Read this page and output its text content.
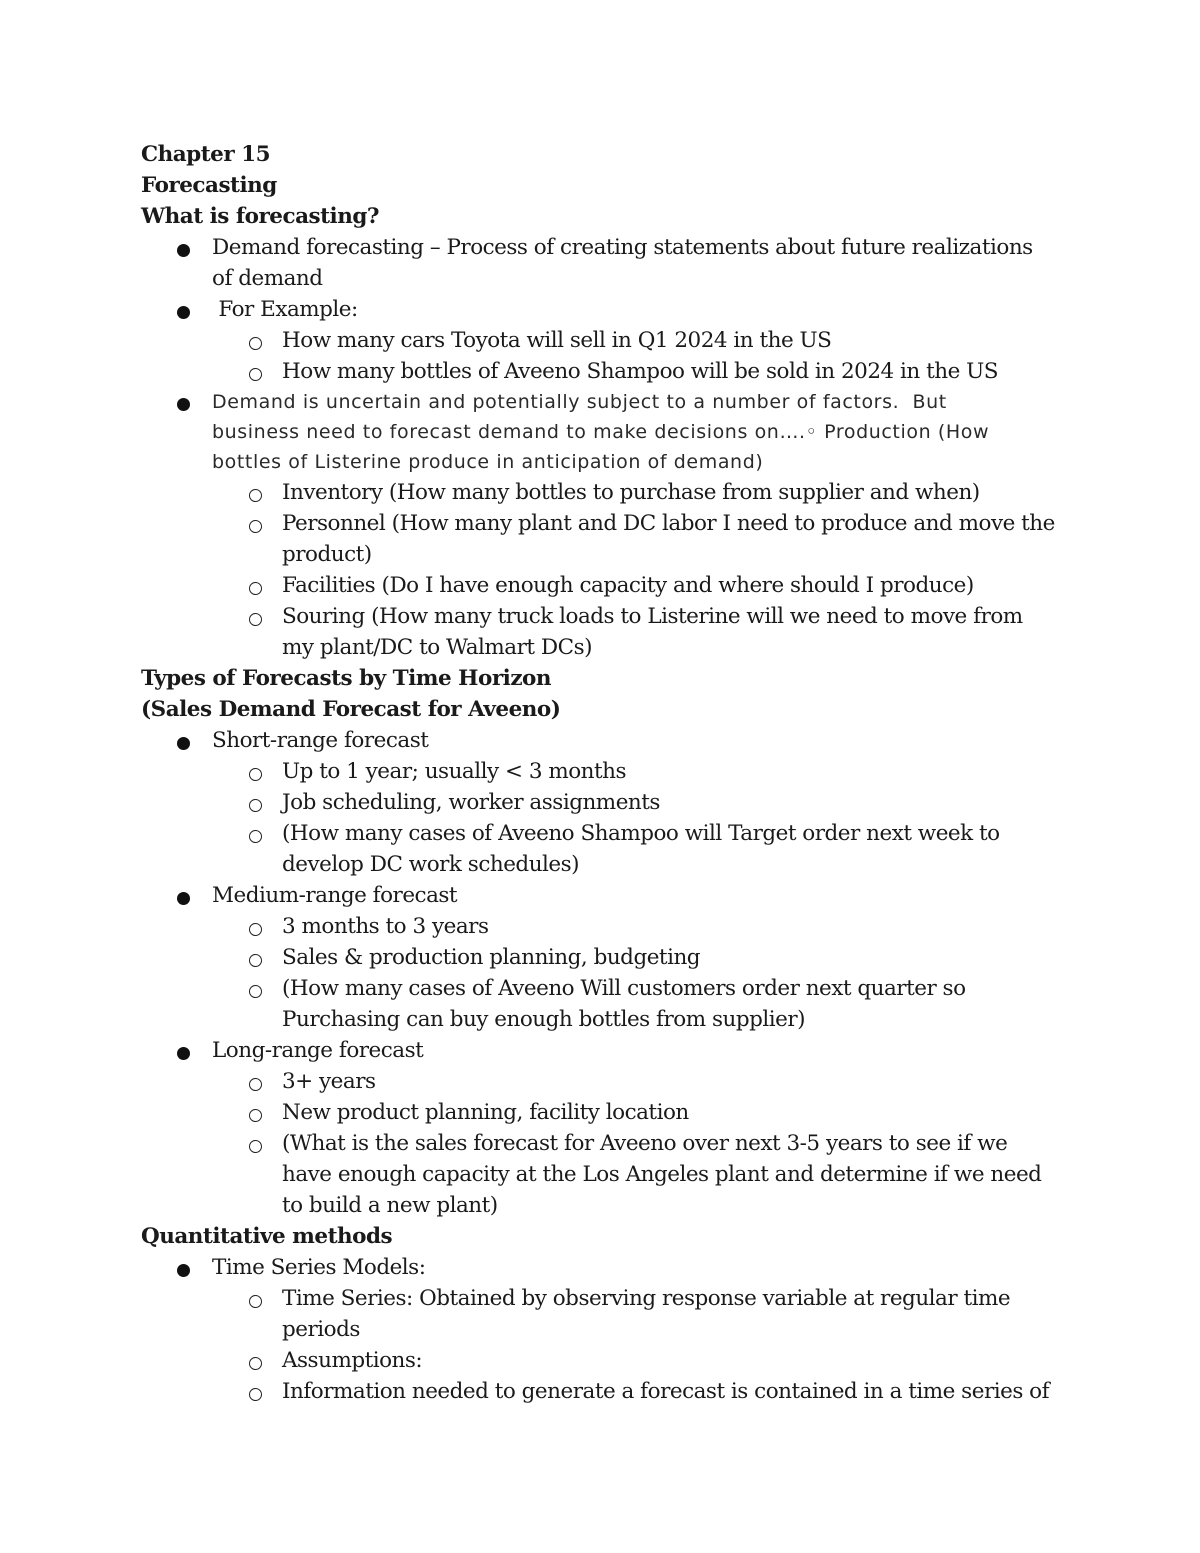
Chapter 15
Forecasting
What is forecasting?
Demand forecasting – Process of creating statements about future realizations
of demand
For Example:
How many cars Toyota will sell in Q1 2024 in the US
How many bottles of Aveeno Shampoo will be sold in 2024 in the US
Demand is uncertain and potentially subject to a number of factors.  But
business need to forecast demand to make decisions on….◦ Production (How
bottles of Listerine produce in anticipation of demand)
Inventory (How many bottles to purchase from supplier and when)
Personnel (How many plant and DC labor I need to produce and move the
product)
Facilities (Do I have enough capacity and where should I produce)
Souring (How many truck loads to Listerine will we need to move from
my plant/DC to Walmart DCs)
Types of Forecasts by Time Horizon
(Sales Demand Forecast for Aveeno)
Short-range forecast
Up to 1 year; usually < 3 months
Job scheduling, worker assignments
(How many cases of Aveeno Shampoo will Target order next week to
develop DC work schedules)
Medium-range forecast
3 months to 3 years
Sales & production planning, budgeting
(How many cases of Aveeno Will customers order next quarter so
Purchasing can buy enough bottles from supplier)
Long-range forecast
3+ years
New product planning, facility location
(What is the sales forecast for Aveeno over next 3-5 years to see if we
have enough capacity at the Los Angeles plant and determine if we need
to build a new plant)
Quantitative methods
Time Series Models:
Time Series: Obtained by observing response variable at regular time
periods
Assumptions:
Information needed to generate a forecast is contained in a time series of
